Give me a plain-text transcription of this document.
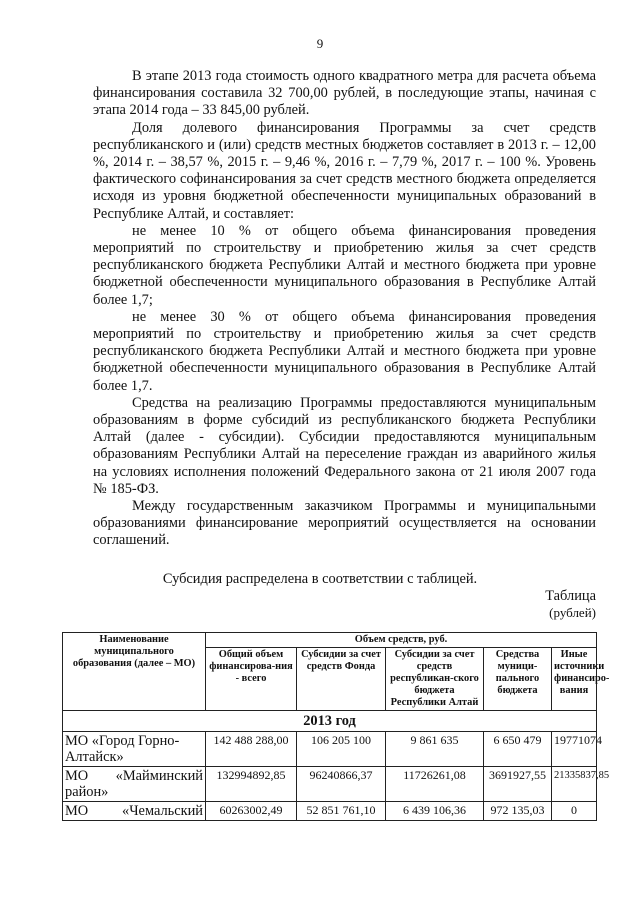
9

В этапе 2013 года стоимость одного квадратного метра для расчета объема финансирования составила 32 700,00 рублей, в последующие этапы, начиная с этапа 2014 года – 33 845,00 рублей.

Доля долевого финансирования Программы за счет средств республиканского и (или) средств местных бюджетов составляет в 2013 г. – 12,00 %, 2014 г. – 38,57 %, 2015 г. – 9,46 %, 2016 г. – 7,79 %, 2017 г. – 100 %. Уровень фактического софинансирования за счет средств местного бюджета определяется исходя из уровня бюджетной обеспеченности муниципальных образований в Республике Алтай, и составляет:

не менее 10 % от общего объема финансирования проведения мероприятий по строительству и приобретению жилья за счет средств республиканского бюджета Республики Алтай и местного бюджета при уровне бюджетной обеспеченности муниципального образования в Республике Алтай более 1,7;

не менее 30 % от общего объема финансирования проведения мероприятий по строительству и приобретению жилья за счет средств республиканского бюджета Республики Алтай и местного бюджета при уровне бюджетной обеспеченности муниципального образования в Республике Алтай более 1,7.

Средства на реализацию Программы предоставляются муниципальным образованиям в форме субсидий из республиканского бюджета Республики Алтай (далее - субсидии). Субсидии предоставляются муниципальным образованиям Республики Алтай на переселение граждан из аварийного жилья на условиях исполнения положений Федерального закона от 21 июля 2007 года № 185-ФЗ.

Между государственным заказчиком Программы и муниципальными образованиями финансирование мероприятий осуществляется на основании соглашений.

Субсидия распределена в соответствии с таблицей.
Таблица
(рублей)
Наименование муниципального образования (далее – МО)	Объем средств, руб.				
	Общий объем финансирова-ния - всего	Субсидии за счет средств Фонда	Субсидии за счет средств республикан-ского бюджета Республики Алтай	Средства муници-пального бюджета	Иные источники финансиро-вания
2013 год					
МО «Город Горно-
Алтайск»	142 488 288,00	106 205 100	9 861 635	6 650 479	19771074
МО «Майминский
район»	132994892,85	96240866,37	11726261,08	3691927,55	21335837,85
МО «Чемальский	60263002,49	52 851 761,10	6 439 106,36	972 135,03	0
